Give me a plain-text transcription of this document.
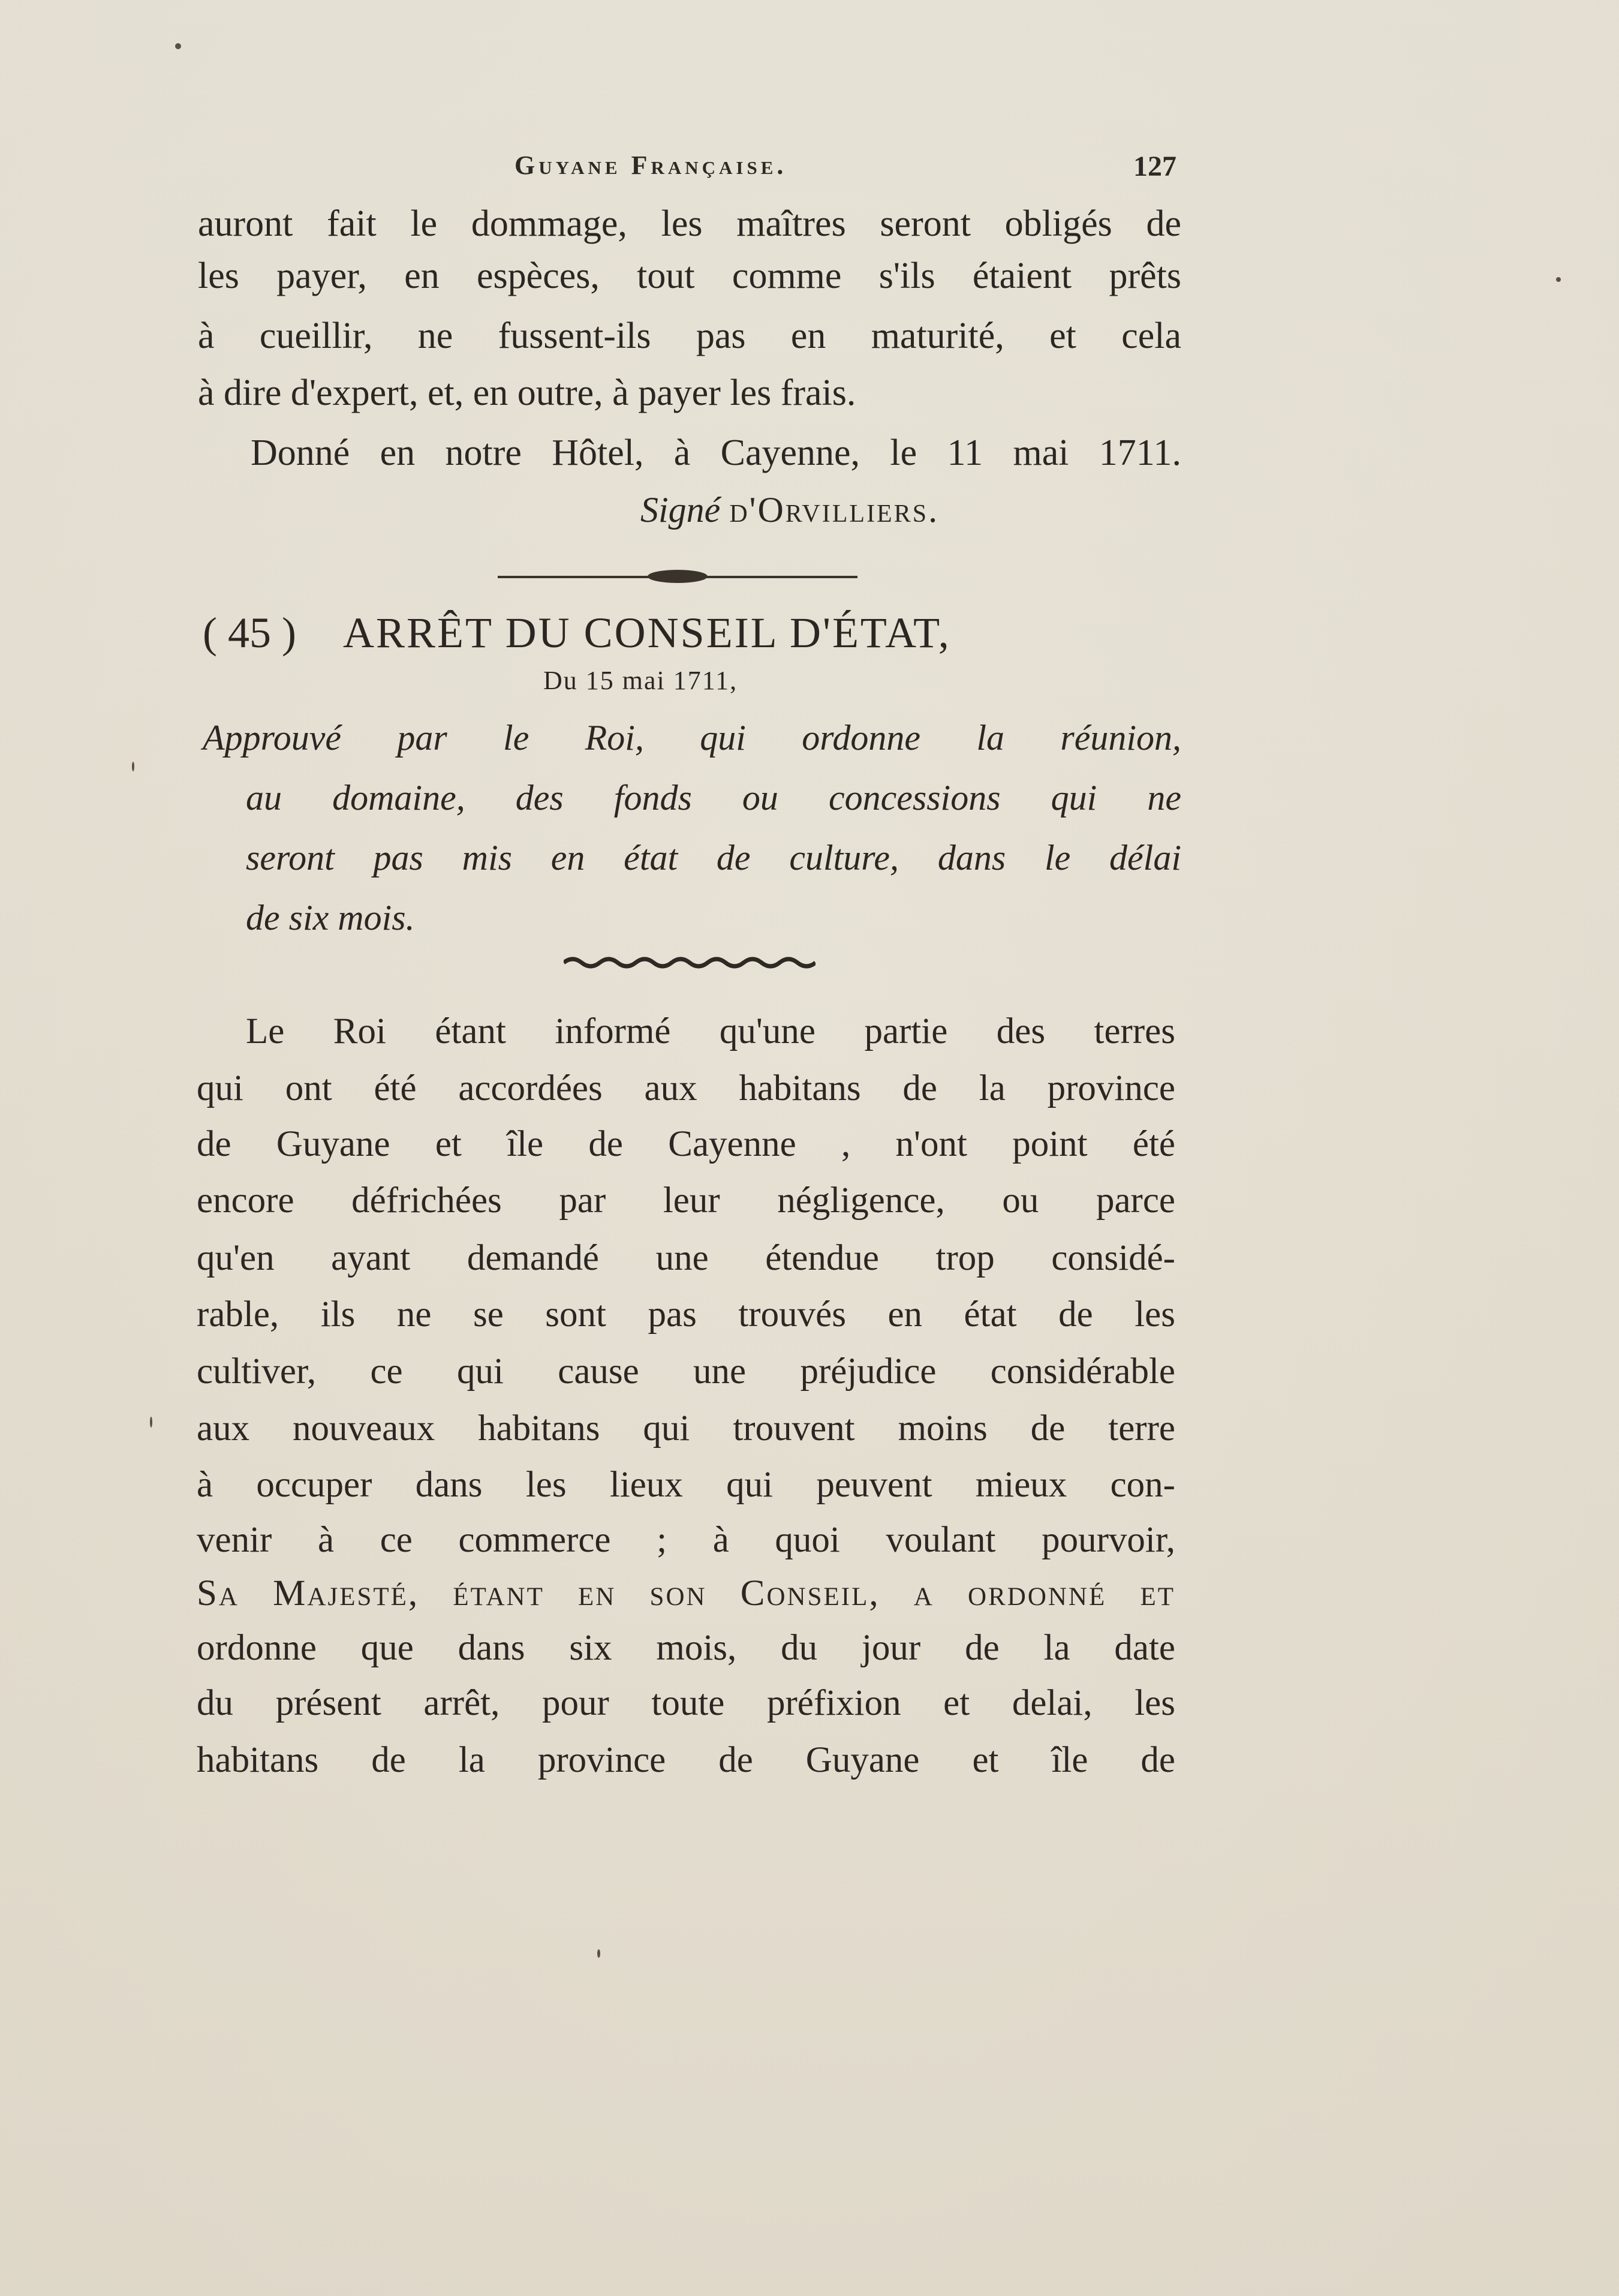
Guyane Française.	127
auront fait le dommage, les maîtres seront obligés de
les payer, en espèces, tout comme s'ils étaient prêts
à cueillir, ne fussent-ils pas en maturité, et cela
à dire d'expert, et, en outre, à payer les frais.
Donné en notre Hôtel, à Cayenne, le 11 mai 1711.
Signé d'Orvilliers.
( 45 ) ARRÊT DU CONSEIL D'ÉTAT,
Du 15 mai 1711,
Approuvé par le Roi, qui ordonne la réunion,
au domaine, des fonds ou concessions qui ne
seront pas mis en état de culture, dans le délai
de six mois.
Le Roi étant informé qu'une partie des terres
qui ont été accordées aux habitans de la province
de Guyane et île de Cayenne , n'ont point été
encore défrichées par leur négligence, ou parce
qu'en ayant demandé une étendue trop considé-
rable, ils ne se sont pas trouvés en état de les
cultiver, ce qui cause une préjudice considérable
aux nouveaux habitans qui trouvent moins de terre
à occuper dans les lieux qui peuvent mieux con-
venir à ce commerce ; à quoi voulant pourvoir,
Sa Majesté, étant en son Conseil, a ordonné et
ordonne que dans six mois, du jour de la date
du présent arrêt, pour toute préfixion et delai, les
habitans de la province de Guyane et île de
